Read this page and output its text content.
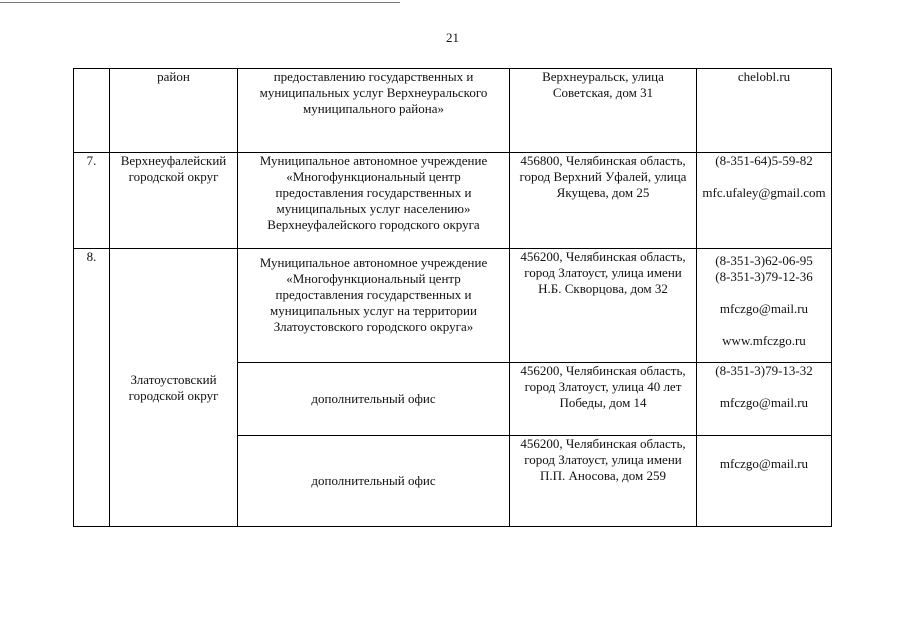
21
	район	предоставлению государственных и муниципальных услуг Верхнеуральского муниципального района»	Верхнеуральск, улица Советская, дом 31	chelobl.ru

7.	Верхнеуфалейский городской округ	Муниципальное автономное учреждение «Многофункциональный центр предоставления государственных и муниципальных услуг населению» Верхнеуфалейского городского округа	456800, Челябинская область, город Верхний Уфалей, улица Якущева, дом 25	(8-351-64)5-59-82
mfc.ufaley@gmail.com

8.	Златоустовский городской округ	Муниципальное автономное учреждение «Многофункциональный центр предоставления государственных и муниципальных услуг на территории Златоустовского городского округа»	456200, Челябинская область, город Златоуст, улица имени Н.Б. Скворцова, дом 32	(8-351-3)62-06-95
(8-351-3)79-12-36
mfczgo@mail.ru
www.mfczgo.ru

		дополнительный офис	456200, Челябинская область, город Златоуст, улица 40 лет Победы, дом 14	(8-351-3)79-13-32
mfczgo@mail.ru

		дополнительный офис	456200, Челябинская область, город Златоуст, улица имени П.П. Аносова, дом 259	mfczgo@mail.ru
